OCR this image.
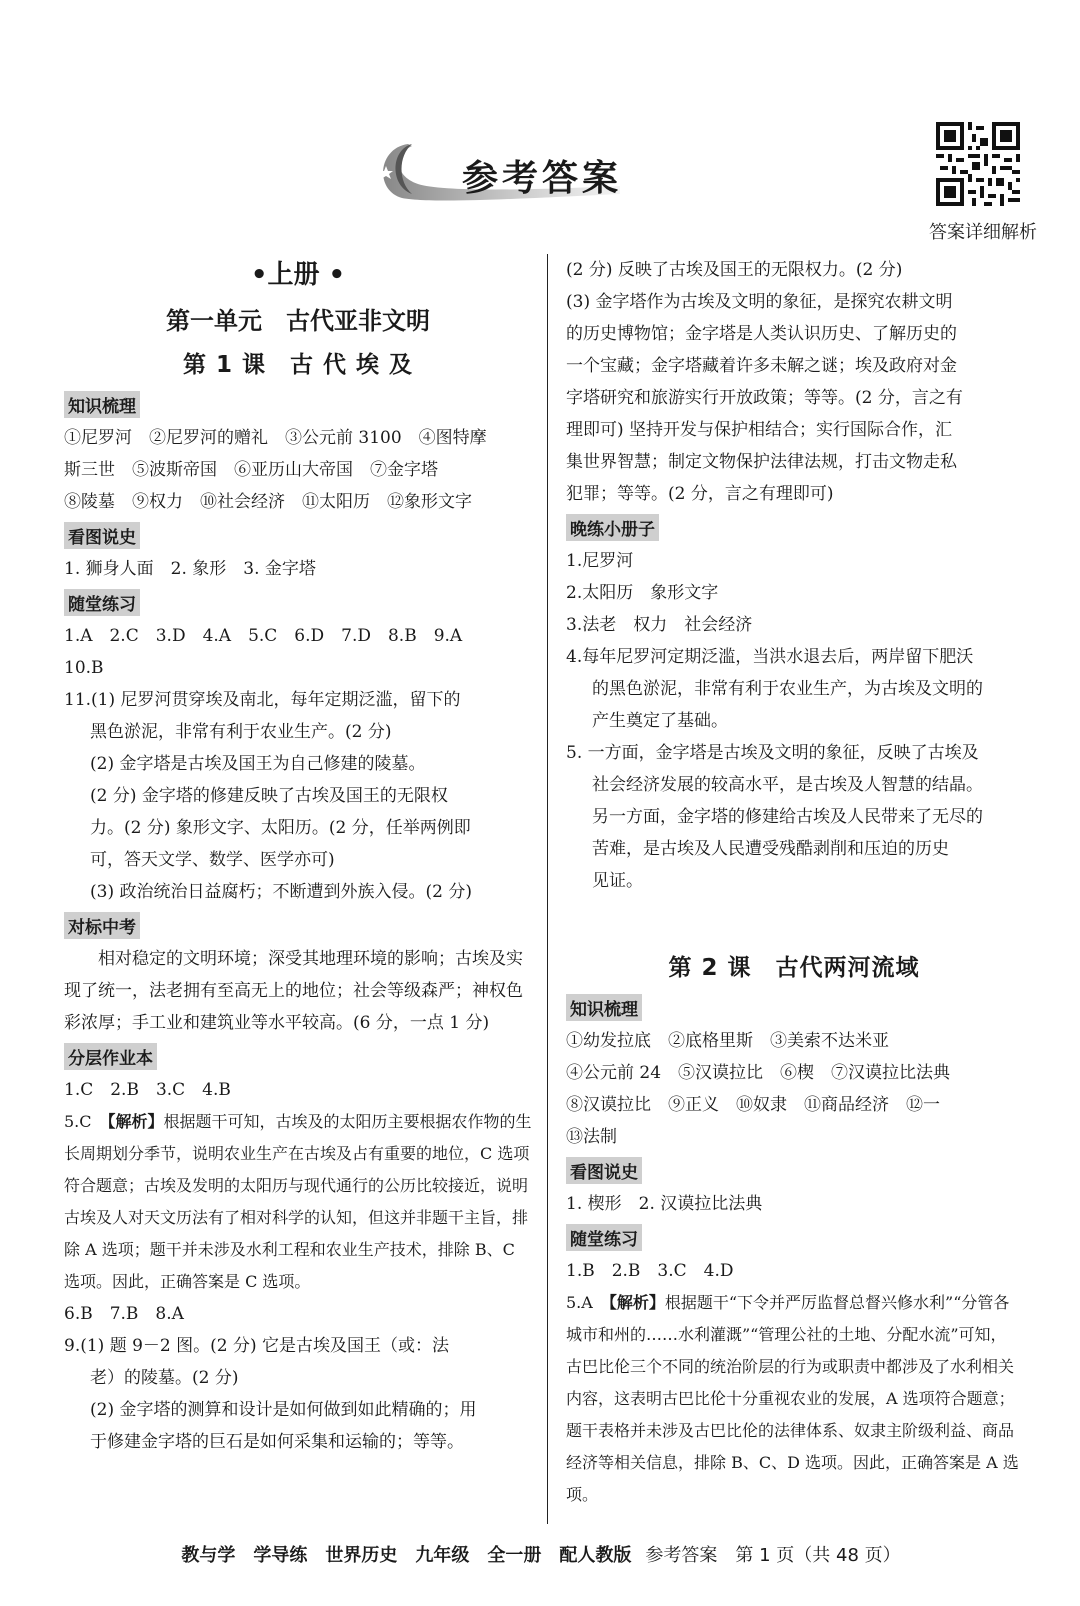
参考答案
答案详细解析
•上册 •
第一单元　古代亚非文明
第 1 课　古 代 埃 及
知识梳理

①尼罗河　②尼罗河的赠礼　③公元前 3100　④图特摩

斯三世　⑤波斯帝国　⑥亚历山大帝国　⑦金字塔

⑧陵墓　⑨权力　⑩社会经济　⑪太阳历　⑫象形文字

看图说史

1. 狮身人面　2. 象形　3. 金字塔

随堂练习

1.A　2.C　3.D　4.A　5.C　6.D　7.D　8.B　9.A

10.B

11.(1) 尼罗河贯穿埃及南北，每年定期泛滥，留下的

黑色淤泥，非常有利于农业生产。(2 分)

(2) 金字塔是古埃及国王为自己修建的陵墓。

(2 分) 金字塔的修建反映了古埃及国王的无限权

力。(2 分) 象形文字、太阳历。(2 分，任举两例即

可，答天文学、数学、医学亦可)

(3) 政治统治日益腐朽；不断遭到外族入侵。(2 分)

对标中考

相对稳定的文明环境；深受其地理环境的影响；古埃及实现了统一，法老拥有至高无上的地位；社会等级森严；神权色彩浓厚；手工业和建筑业等水平较高。(6 分，一点 1 分)

分层作业本

1.C　2.B　3.C　4.B

5.C　【解析】根据题干可知，古埃及的太阳历主要根据农作物的生长周期划分季节，说明农业生产在古埃及占有重要的地位，C 选项符合题意；古埃及发明的太阳历与现代通行的公历比较接近，说明古埃及人对天文历法有了相对科学的认知，但这并非题干主旨，排除 A 选项；题干并未涉及水利工程和农业生产技术，排除 B、C 选项。因此，正确答案是 C 选项。

6.B　7.B　8.A

9.(1) 题 9－2 图。(2 分) 它是古埃及国王（或：法

老）的陵墓。(2 分)

(2) 金字塔的测算和设计是如何做到如此精确的；用

于修建金字塔的巨石是如何采集和运输的；等等。

(2 分) 反映了古埃及国王的无限权力。(2 分)

(3) 金字塔作为古埃及文明的象征，是探究农耕文明

的历史博物馆；金字塔是人类认识历史、了解历史的

一个宝藏；金字塔藏着许多未解之谜；埃及政府对金

字塔研究和旅游实行开放政策；等等。(2 分，言之有

理即可) 坚持开发与保护相结合；实行国际合作，汇

集世界智慧；制定文物保护法律法规，打击文物走私

犯罪；等等。(2 分，言之有理即可)

晚练小册子

1.尼罗河

2.太阳历　象形文字

3.法老　权力　社会经济

4.每年尼罗河定期泛滥，当洪水退去后，两岸留下肥沃

的黑色淤泥，非常有利于农业生产，为古埃及文明的

产生奠定了基础。

5. 一方面，金字塔是古埃及文明的象征，反映了古埃及

社会经济发展的较高水平，是古埃及人智慧的结晶。

另一方面，金字塔的修建给古埃及人民带来了无尽的

苦难，是古埃及人民遭受残酷剥削和压迫的历史

见证。

第 2 课　古代两河流域
知识梳理

①幼发拉底　②底格里斯　③美索不达米亚

④公元前 24　⑤汉谟拉比　⑥楔　⑦汉谟拉比法典

⑧汉谟拉比　⑨正义　⑩奴隶　⑪商品经济　⑫一

⑬法制

看图说史

1. 楔形　2. 汉谟拉比法典

随堂练习

1.B　2.B　3.C　4.D

5.A　【解析】根据题干“下令并严厉监督总督兴修水利”“分管各城市和州的……水利灌溉”“管理公社的土地、分配水流”可知，古巴比伦三个不同的统治阶层的行为或职责中都涉及了水利相关内容，这表明古巴比伦十分重视农业的发展，A 选项符合题意；题干表格并未涉及古巴比伦的法律体系、奴隶主阶级利益、商品经济等相关信息，排除 B、C、D 选项。因此，正确答案是 A 选项。

教与学　学导练　世界历史　九年级　全一册　配人教版 参考答案　第 1 页（共 48 页）
